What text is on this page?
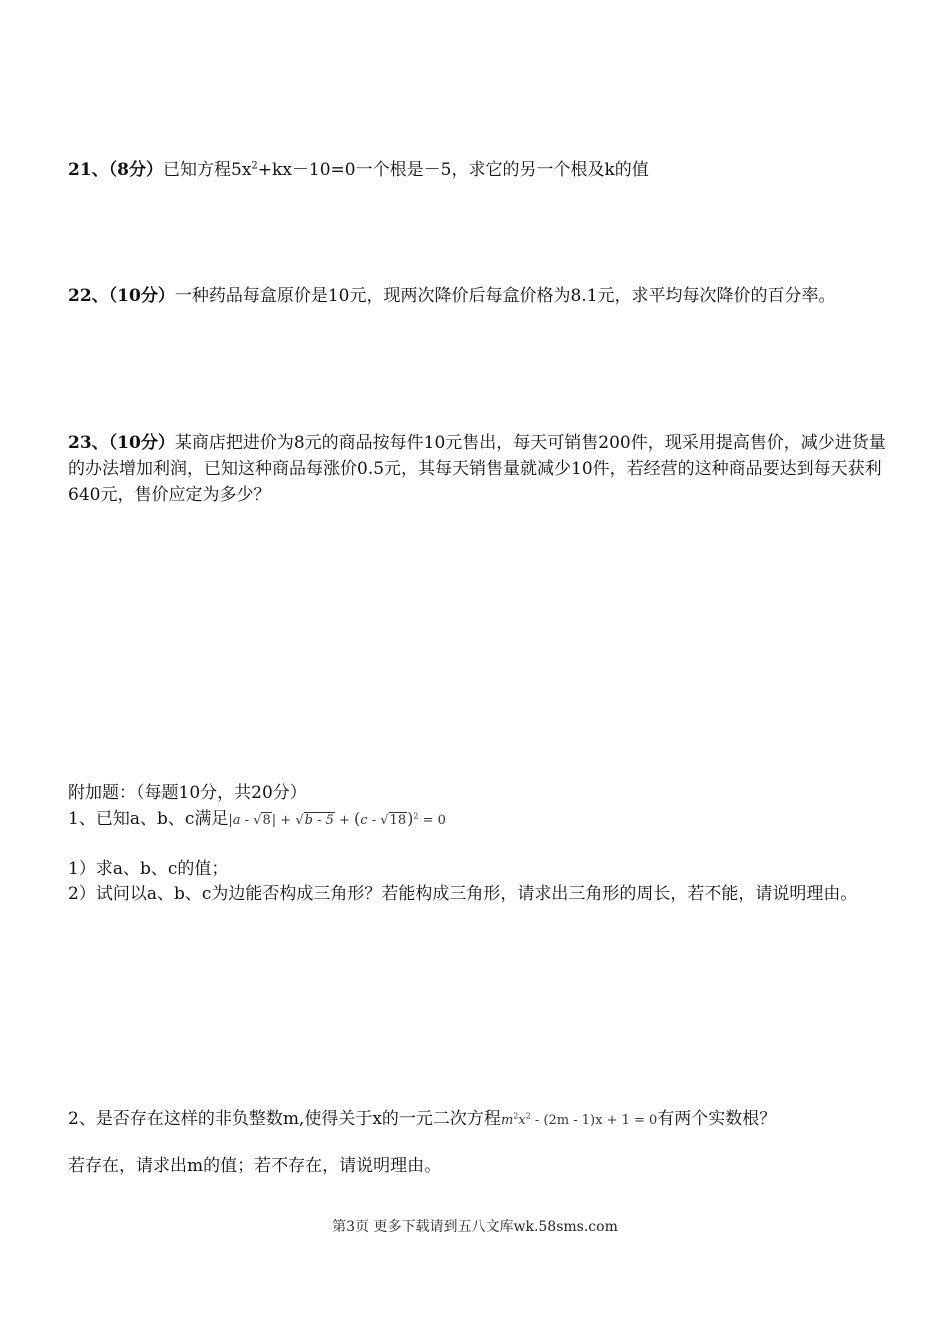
21、（8分）已知方程$5x^2+kx-10=0$一个根是－5，求它的另一个根及k的值
22、（10分）一种药品每盒原价是10元，现两次降价后每盒价格为8.1元，求平均每次降价的百分率。
23、（10分）某商店把进价为8元的商品按每件10元售出，每天可销售200件，现采用提高售价，减少进货量的办法增加利润，已知这种商品每涨价0.5元，其每天销售量就减少10件，若经营的这种商品要达到每天获利640元，售价应定为多少？
附加题：（每题10分，共20分）
1、已知a、b、c满足|a - √8| + √b - 5 + (c - √18)$^2$ = 0
1）求a、b、c的值；
2）试问以a、b、c为边能否构成三角形？若能构成三角形，请求出三角形的周长，若不能，请说明理由。
2、是否存在这样的非负整数m,使得关于x的一元二次方程$m^2x^2 - (2m - 1)x + 1 = 0$有两个实数根？
若存在，请求出m的值；若不存在，请说明理由。
第3页 更多下载请到五八文库wk.58sms.com
